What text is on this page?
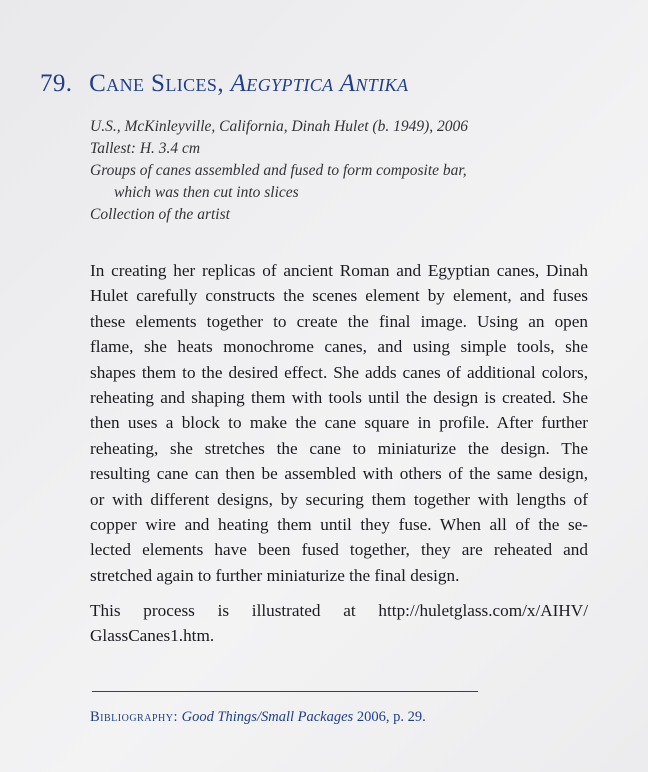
79. Cane Slices, Aegyptica Antika
U.S., McKinleyville, California, Dinah Hulet (b. 1949), 2006
Tallest: H. 3.4 cm
Groups of canes assembled and fused to form composite bar,
which was then cut into slices
Collection of the artist
In creating her replicas of ancient Roman and Egyptian canes, Dinah
Hulet carefully constructs the scenes element by element, and fuses
these elements together to create the final image. Using an open
flame, she heats monochrome canes, and using simple tools, she
shapes them to the desired effect. She adds canes of additional colors,
reheating and shaping them with tools until the design is created. She
then uses a block to make the cane square in profile. After further
reheating, she stretches the cane to miniaturize the design. The
resulting cane can then be assembled with others of the same design,
or with different designs, by securing them together with lengths of
copper wire and heating them until they fuse. When all of the se-
lected elements have been fused together, they are reheated and
stretched again to further miniaturize the final design.
This process is illustrated at http://huletglass.com/x/AIHV/
GlassCanes1.htm.
Bibliography: Good Things/Small Packages 2006, p. 29.
